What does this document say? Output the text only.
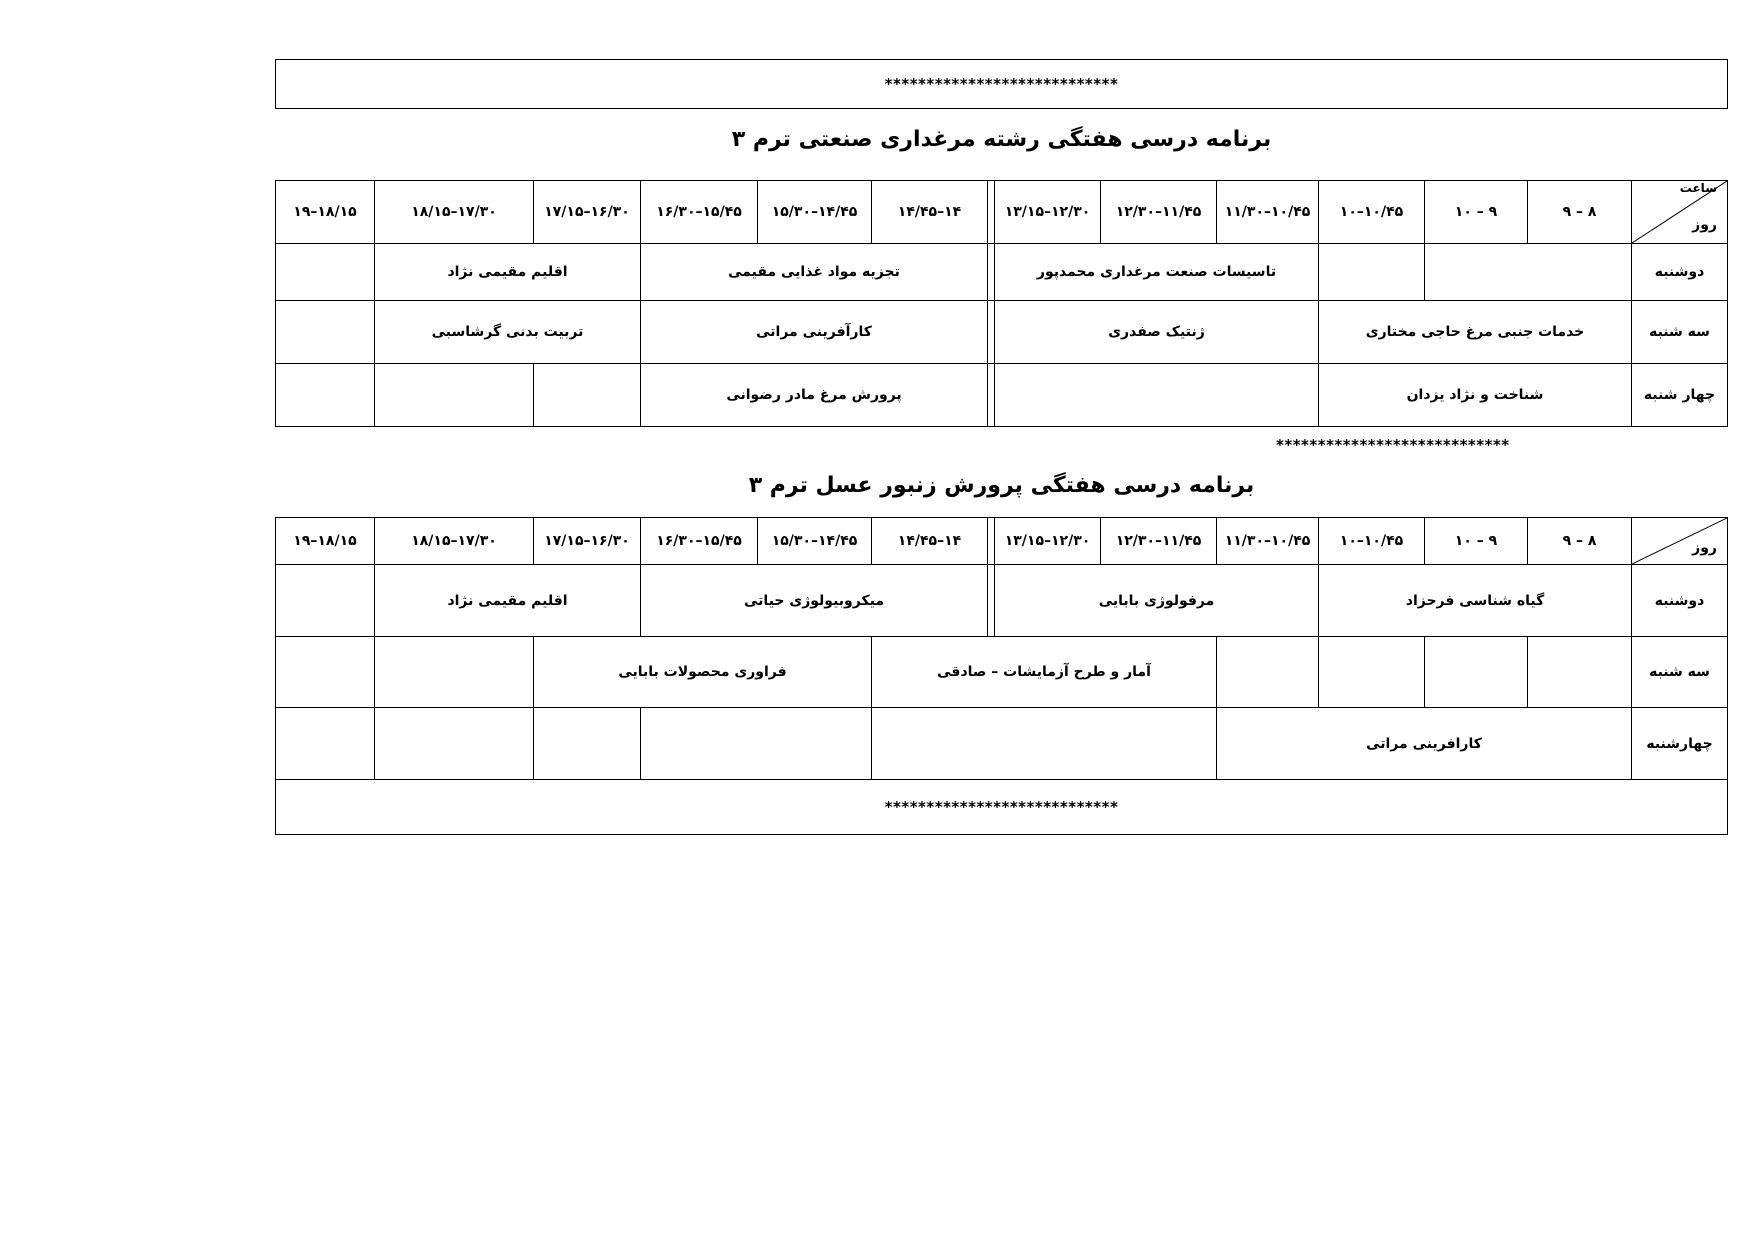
****************************
برنامه درسی هفتگی رشته مرغداری صنعتی ترم ۳
ساعت
روز	۸ – ۹	۹ – ۱۰	۱۰/۴۵–۱۰	۱۰/۴۵–۱۱/۳۰	۱۱/۴۵–۱۲/۳۰	۱۲/۳۰–۱۳/۱۵		۱۴–۱۴/۴۵	۱۴/۴۵–۱۵/۳۰	۱۵/۴۵–۱۶/۳۰	۱۶/۳۰–۱۷/۱۵	۱۷/۳۰–۱۸/۱۵	۱۸/۱۵–۱۹
دوشنبه				تاسیسات صنعت مرغداری محمدپور				تجزیه مواد غذایی مقیمی			اقلیم مقیمی نژاد		
سه شنبه	خدمات جنبی مرغ حاجی مختاری			ژنتیک صفدری				کارآفرینی مراتی			تربیت بدنی گرشاسبی		
چهار شنبه	شناخت و نژاد یزدان							پرورش مرغ مادر رضوانی					
****************************
برنامه درسی هفتگی پرورش زنبور عسل ترم ۳
روز	۸ – ۹	۹ – ۱۰	۱۰/۴۵–۱۰	۱۰/۴۵–۱۱/۳۰	۱۱/۴۵–۱۲/۳۰	۱۲/۳۰–۱۳/۱۵		۱۴–۱۴/۴۵	۱۴/۴۵–۱۵/۳۰	۱۵/۴۵–۱۶/۳۰	۱۶/۳۰–۱۷/۱۵	۱۷/۳۰–۱۸/۱۵	۱۸/۱۵–۱۹
دوشنبه	گیاه شناسی فرحزاد			مرفولوژی بابایی				میکروبیولوژی حیاتی			اقلیم مقیمی نژاد		
سه شنبه					آمار و طرح آزمایشات – صادقی				فراوری محصولات بابایی				
چهارشنبه	کارافرینی مراتی												
****************************
